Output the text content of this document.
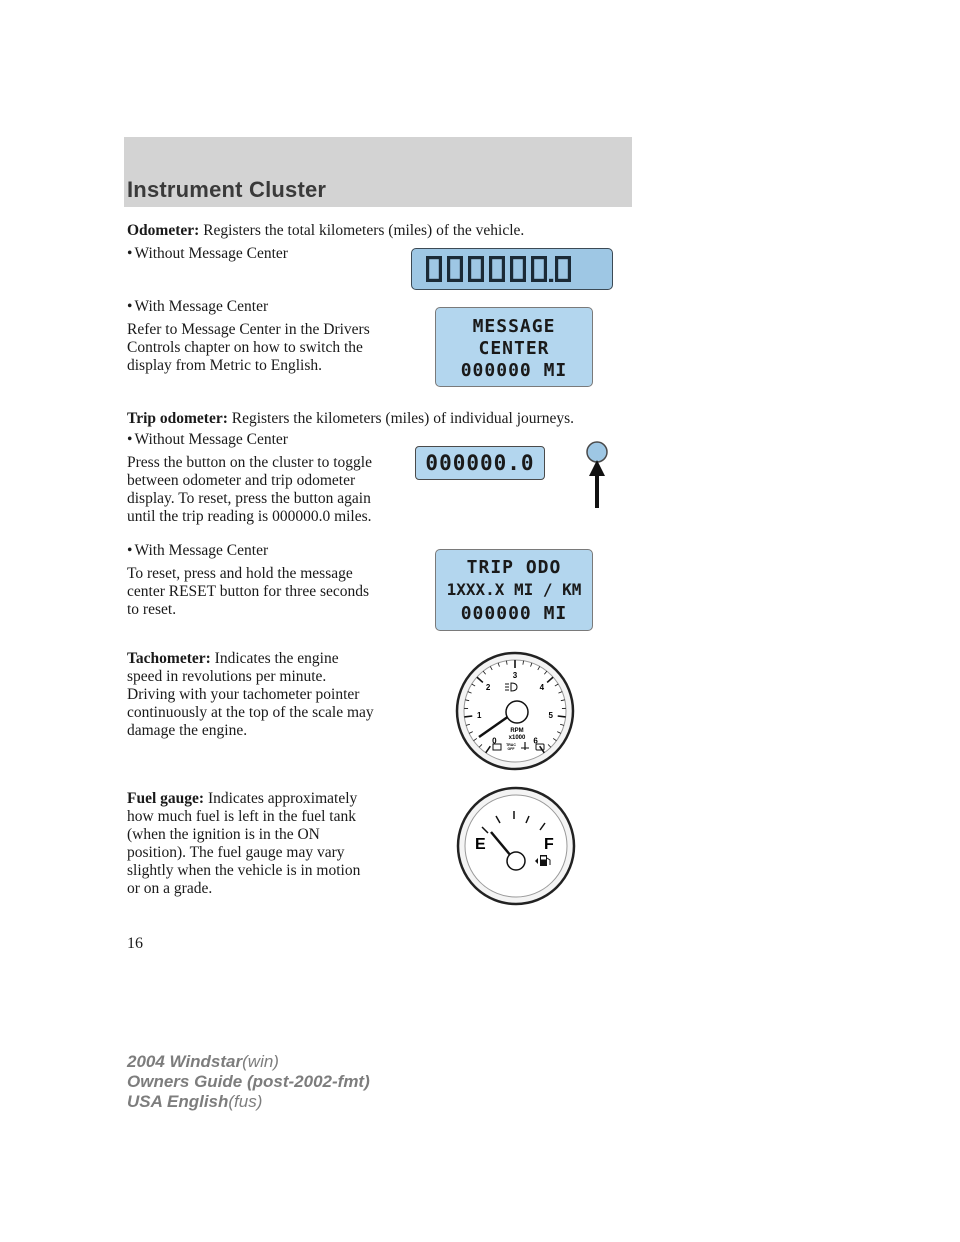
Instrument Cluster

Odometer: Registers the total kilometers (miles) of the vehicle.

• Without Message Center

• With Message Center

Refer to Message Center in the Drivers Controls chapter on how to switch the display from Metric to English.

MESSAGE
CENTER
000000 MI

Trip odometer: Registers the kilometers (miles) of individual journeys.

• Without Message Center

Press the button on the cluster to toggle between odometer and trip odometer display. To reset, press the button again until the trip reading is 000000.0 miles.

000000.0

• With Message Center

To reset, press and hold the message center RESET button for three seconds to reset.

TRIP ODO
1XXX.X MI / KM
000000 MI

Tachometer: Indicates the engine speed in revolutions per minute. Driving with your tachometer pointer continuously at the top of the scale may damage the engine.

0
1
2
3
4
5
6
RPM
x1000
TRAC
OFF

Fuel gauge: Indicates approximately how much fuel is left in the fuel tank (when the ignition is in the ON position). The fuel gauge may vary slightly when the vehicle is in motion or on a grade.

E	F

16

2004 Windstar(win)

Owners Guide (post-2002-fmt)

USA English(fus)
